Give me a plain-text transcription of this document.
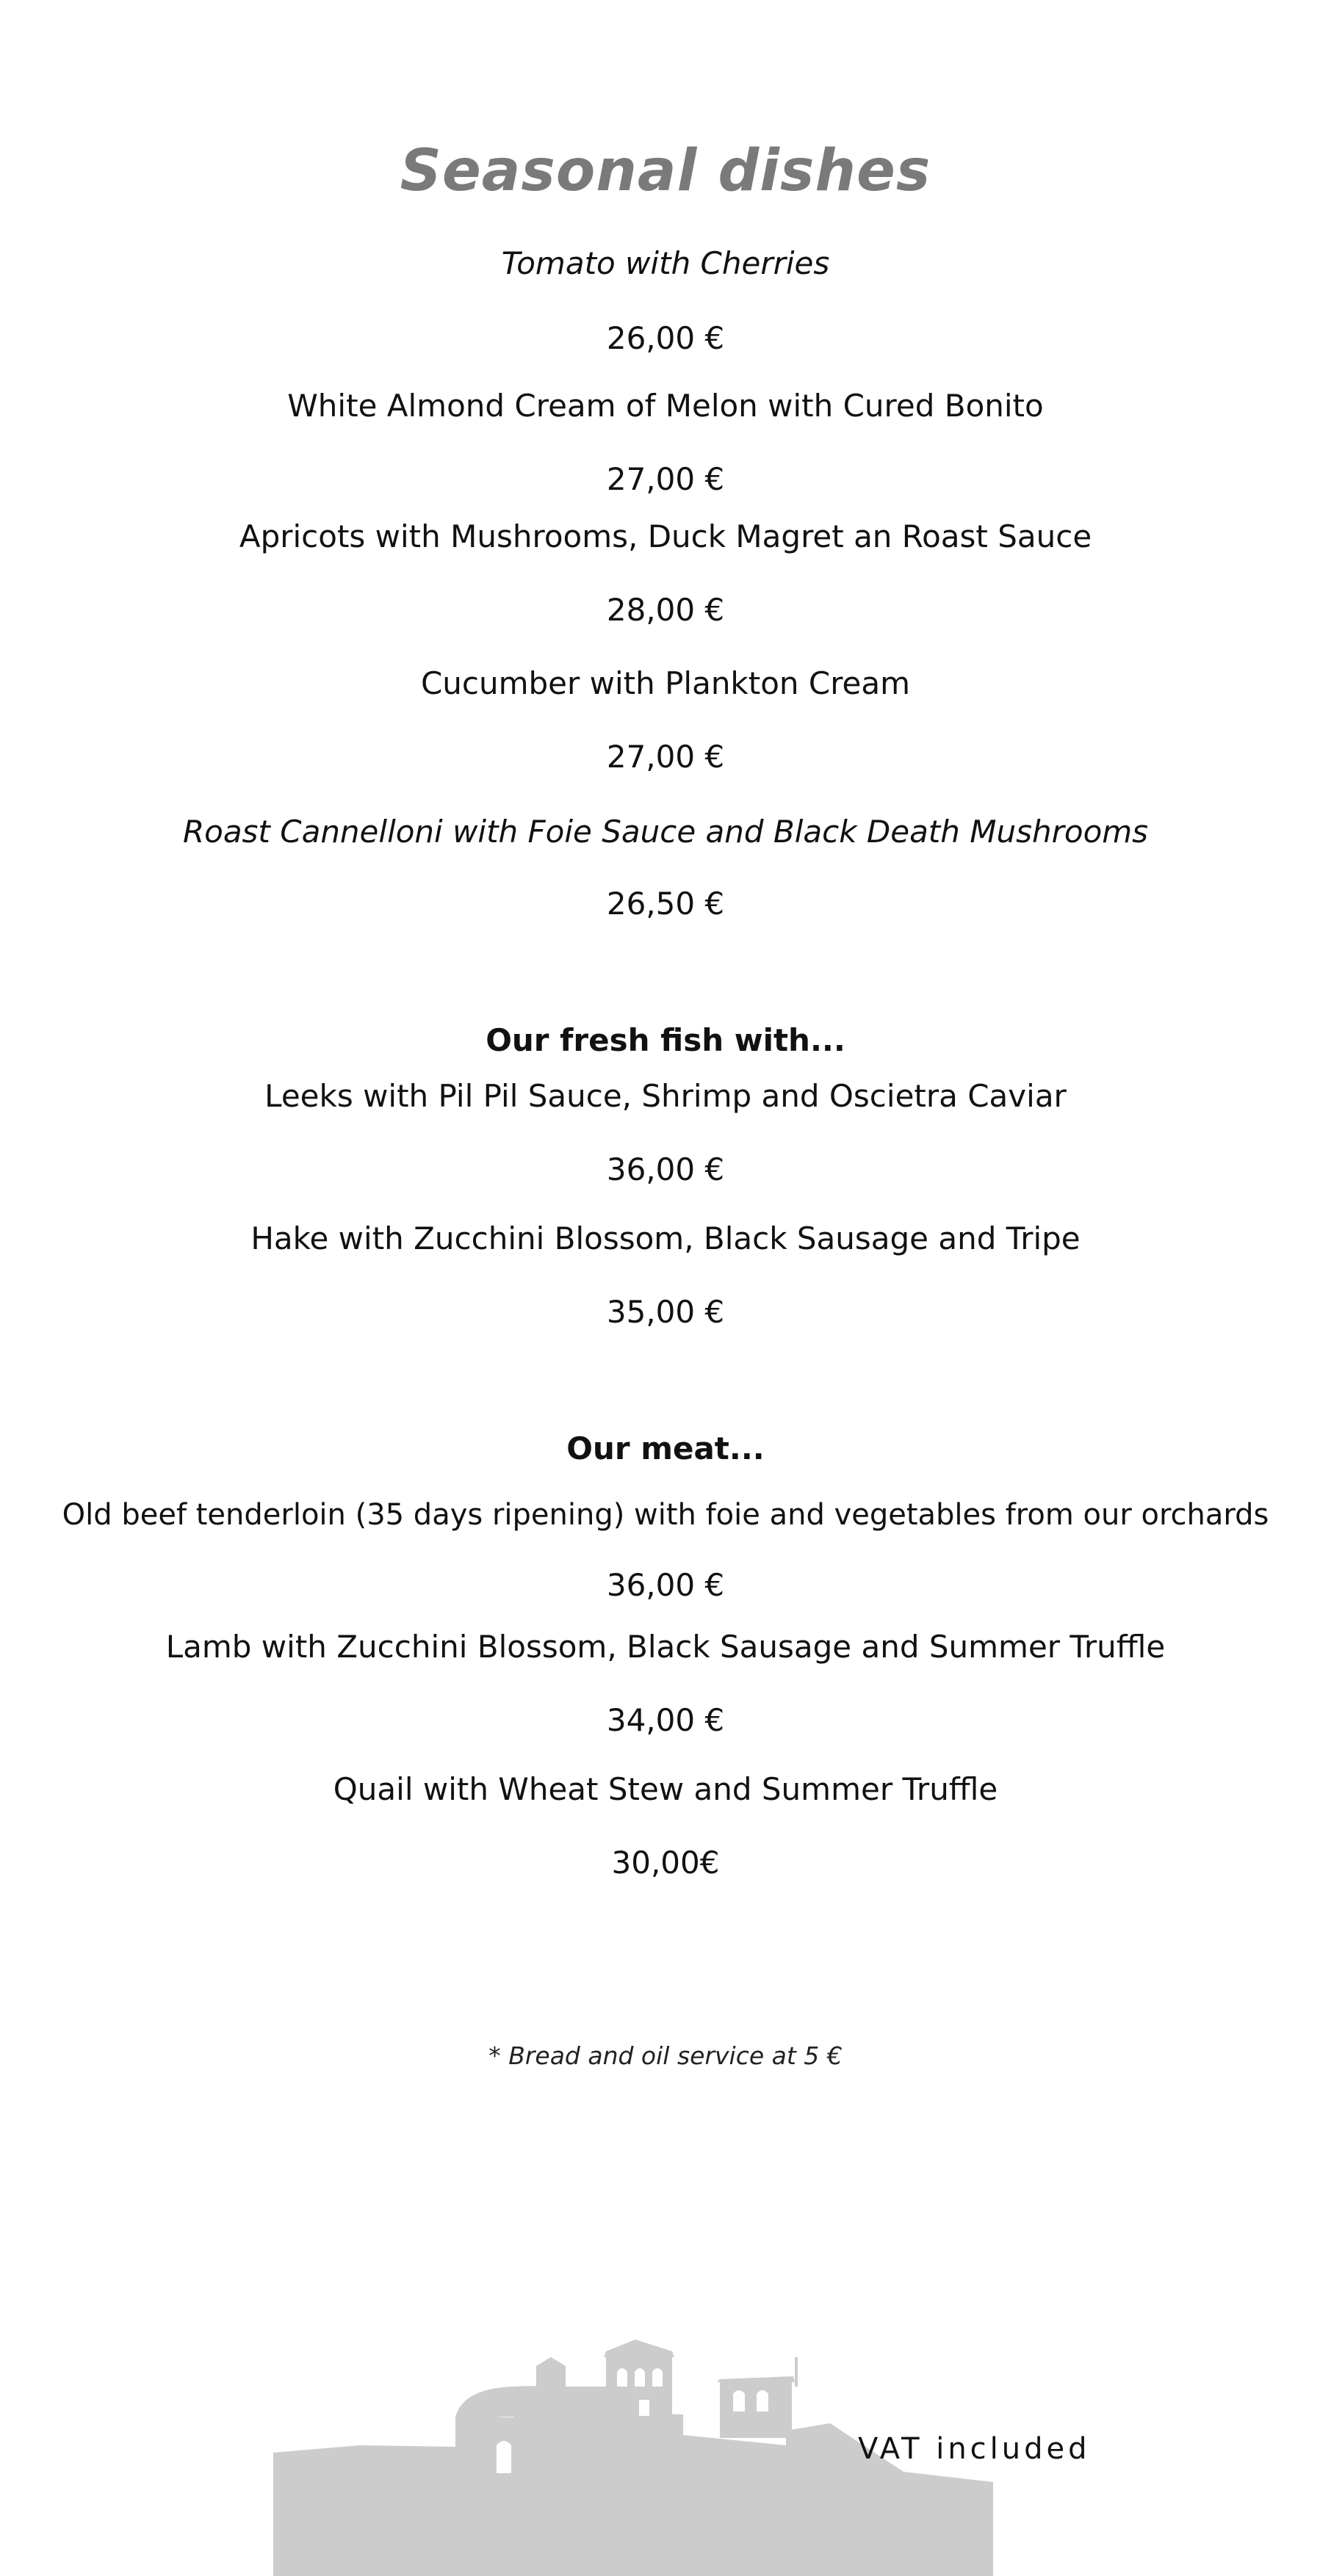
Seasonal dishes
Tomato with Cherries
26,00 €
White Almond Cream of Melon with Cured Bonito
27,00 €
Apricots with Mushrooms, Duck Magret an Roast Sauce
28,00 €
Cucumber with Plankton Cream
27,00 €
Roast Cannelloni with Foie Sauce and Black Death Mushrooms
26,50 €
Our fresh fish with...
Leeks with Pil Pil Sauce, Shrimp and Oscietra Caviar
36,00 €
Hake with Zucchini Blossom, Black Sausage and Tripe
35,00 €
Our meat...
Old beef tenderloin (35 days ripening) with foie and vegetables from our orchards
36,00 €
Lamb with Zucchini Blossom, Black Sausage and Summer Truffle
34,00 €
Quail with Wheat Stew and Summer Truffle
30,00€
* Bread and oil service at 5 €
VAT included
